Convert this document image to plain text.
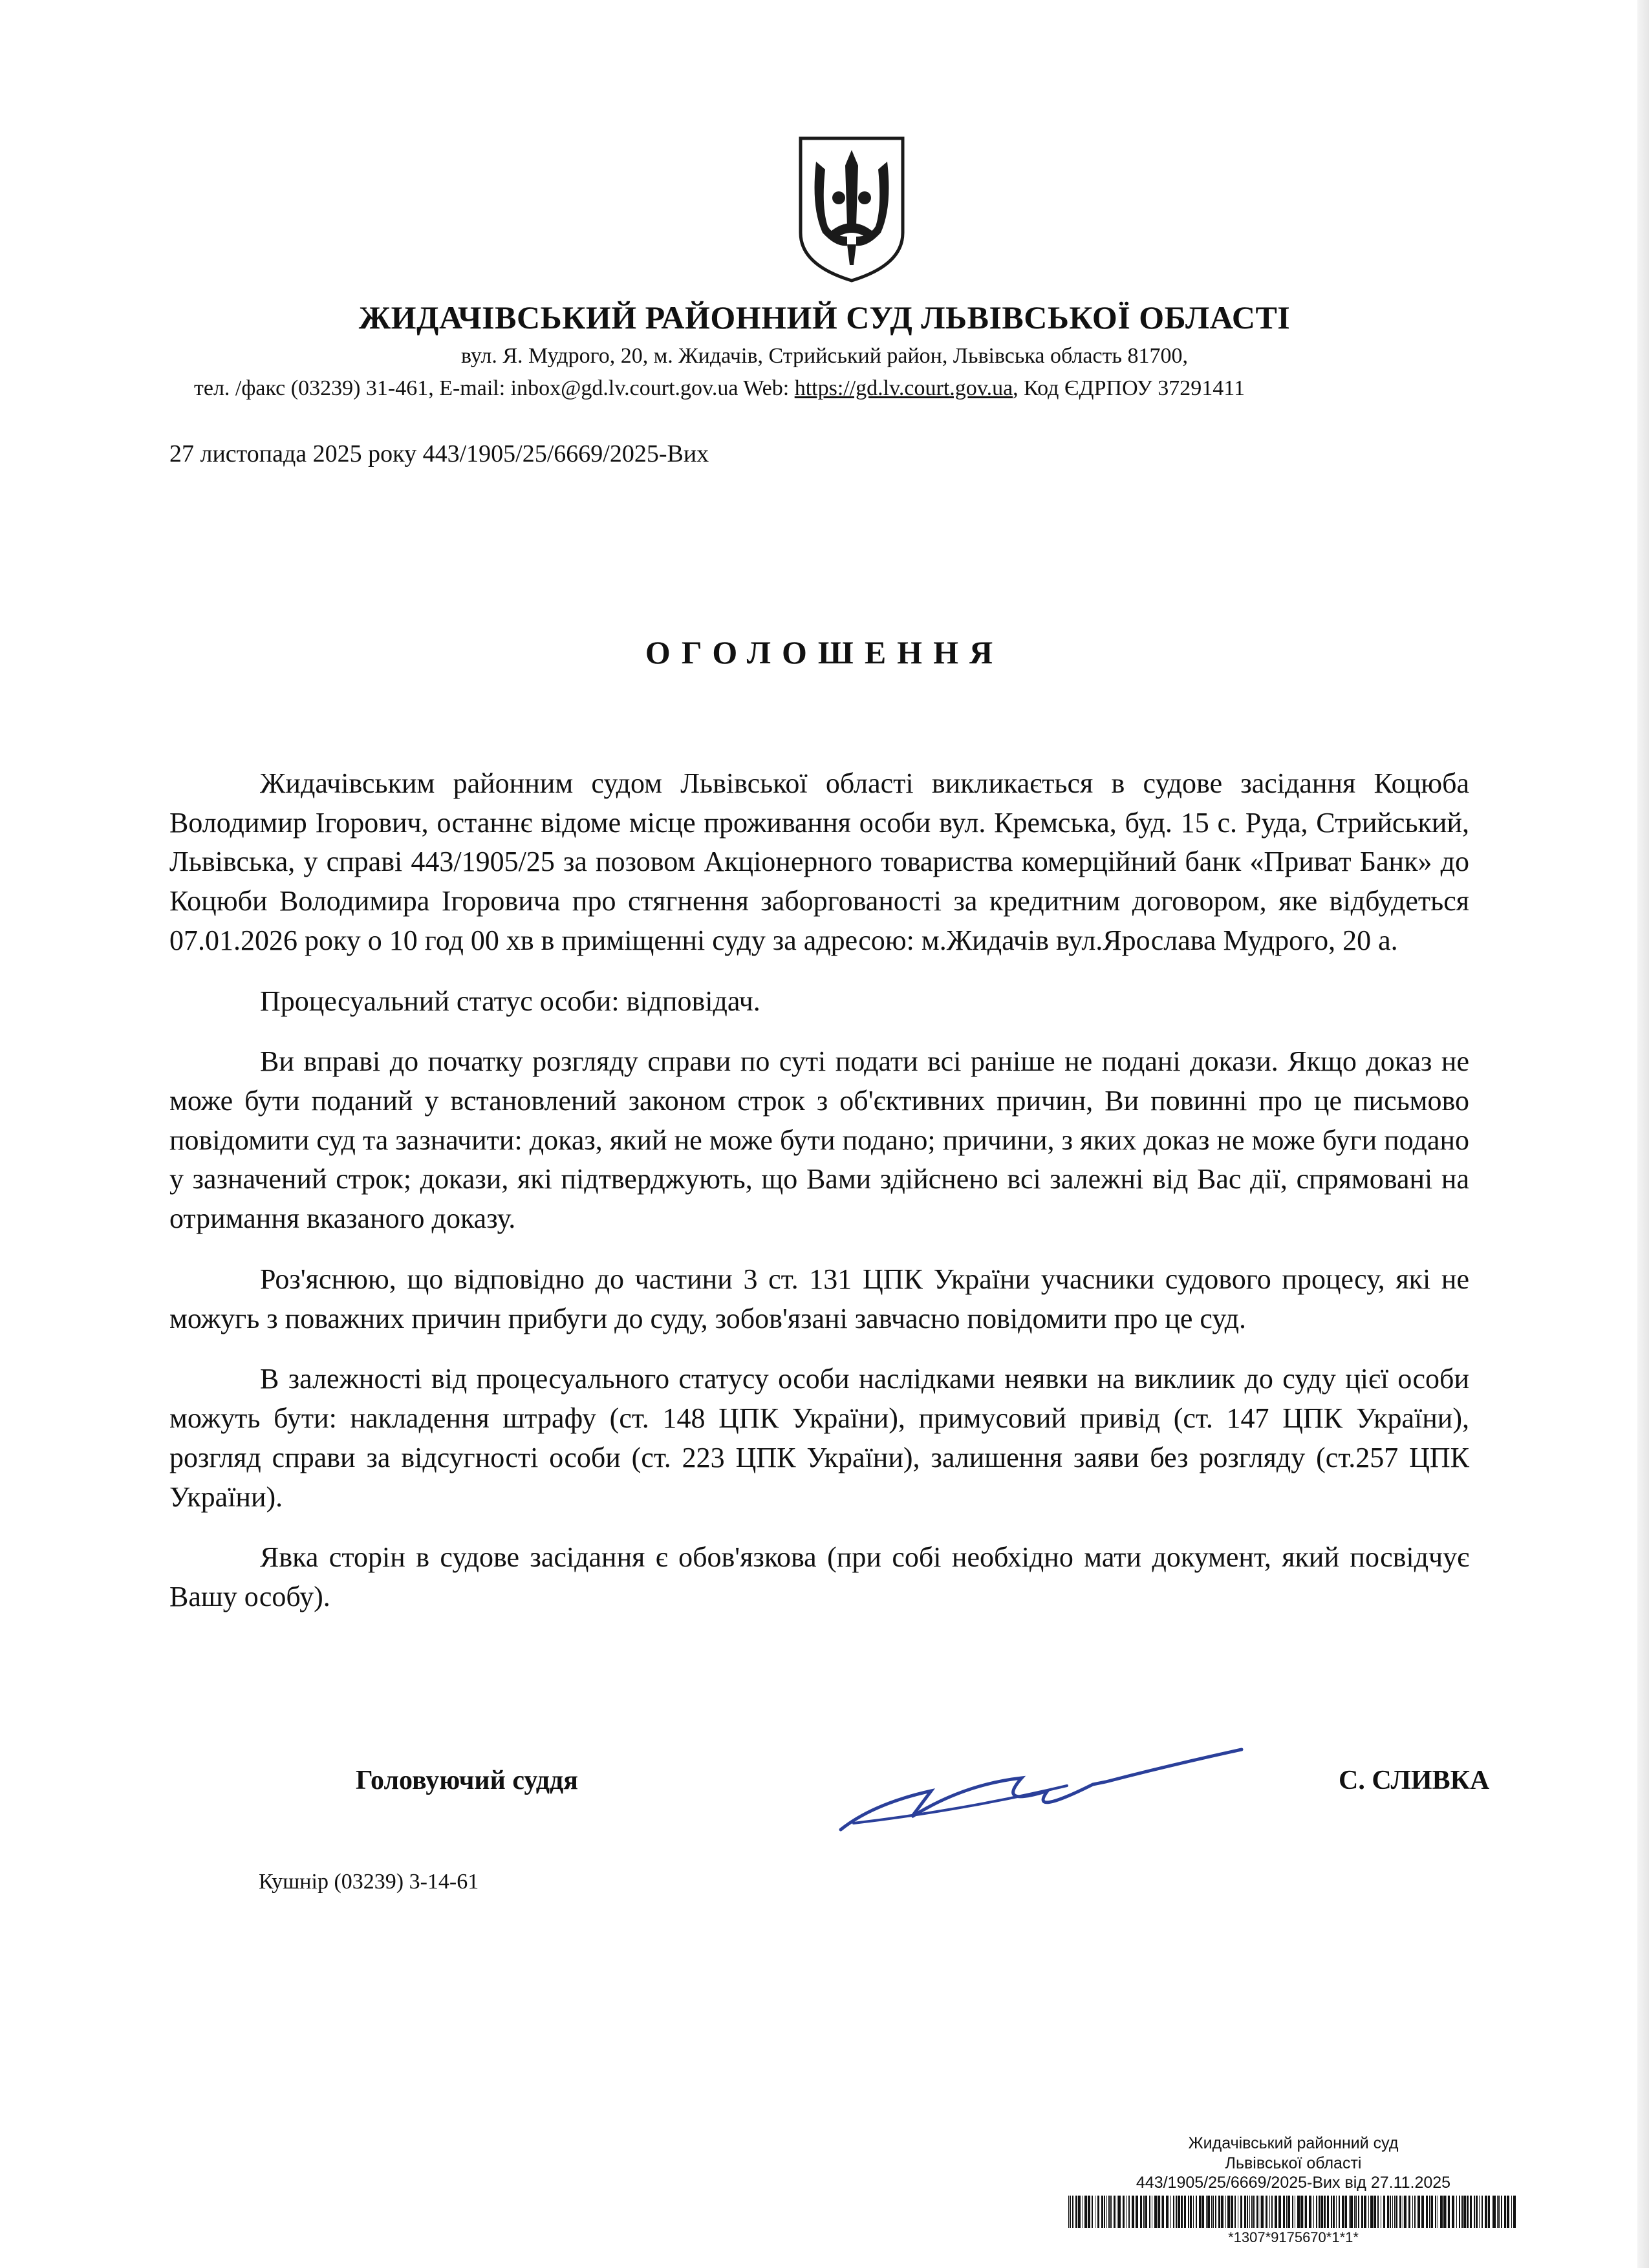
ЖИДАЧІВСЬКИЙ РАЙОННИЙ СУД ЛЬВІВСЬКОЇ ОБЛАСТІ
вул. Я. Мудрого, 20, м. Жидачів, Стрийський район, Львівська область 81700,
тел. /факс (03239) 31-461, E-mail: inbox@gd.lv.court.gov.ua Web: https://gd.lv.court.gov.ua, Код ЄДРПОУ 37291411
27 листопада 2025 року 443/1905/25/6669/2025-Вих
ОГОЛОШЕННЯ

Жидачівським районним судом Львівської області викликається в судове засідання Коцюба Володимир Ігорович, останнє відоме місце проживання особи вул. Кремська, буд. 15 с. Руда, Стрийський, Львівська, у справі 443/1905/25 за позовом Акціонерного товариства комерційний банк «Приват Банк» до Коцюби Володимира Ігоровича про стягнення заборгованості за кредитним договором, яке відбудеться 07.01.2026 року о 10 год 00 хв в приміщенні суду за адресою: м.Жидачів вул.Ярослава Мудрого, 20 а.

Процесуальний статус особи: відповідач.

Ви вправі до початку розгляду справи по суті подати всі раніше не подані докази. Якщо доказ не може бути поданий у встановлений законом строк з об'єктивних причин, Ви повинні про це письмово повідомити суд та зазначити: доказ, який не може бути подано; причини, з яких доказ не може буги подано у зазначений строк; докази, які підтверджують, що Вами здійснено всі залежні від Вас дії, спрямовані на отримання вказаного доказу.

Роз'яснюю, що відповідно до частини 3 ст. 131 ЦПК України учасники судового процесу, які не можугь з поважних причин прибуги до суду, зобов'язані завчасно повідомити про це суд.

В залежності від процесуального статусу особи наслідками неявки на виклиик до суду цієї особи можуть бути: накладення штрафу (ст. 148 ЦПК України), примусовий привід (ст. 147 ЦПК України), розгляд справи за відсугності особи (ст. 223 ЦПК України), залишення заяви без розгляду (ст.257 ЦПК України).

Явка сторін в судове засідання є обов'язкова (при собі необхідно мати документ, який посвідчує Вашу особу).

Головуючий суддя	С. СЛИВКА
Кушнір (03239) 3-14-61
Жидачівський районний суд
Львівської області
443/1905/25/6669/2025-Вих від 27.11.2025
*1307*9175670*1*1*
